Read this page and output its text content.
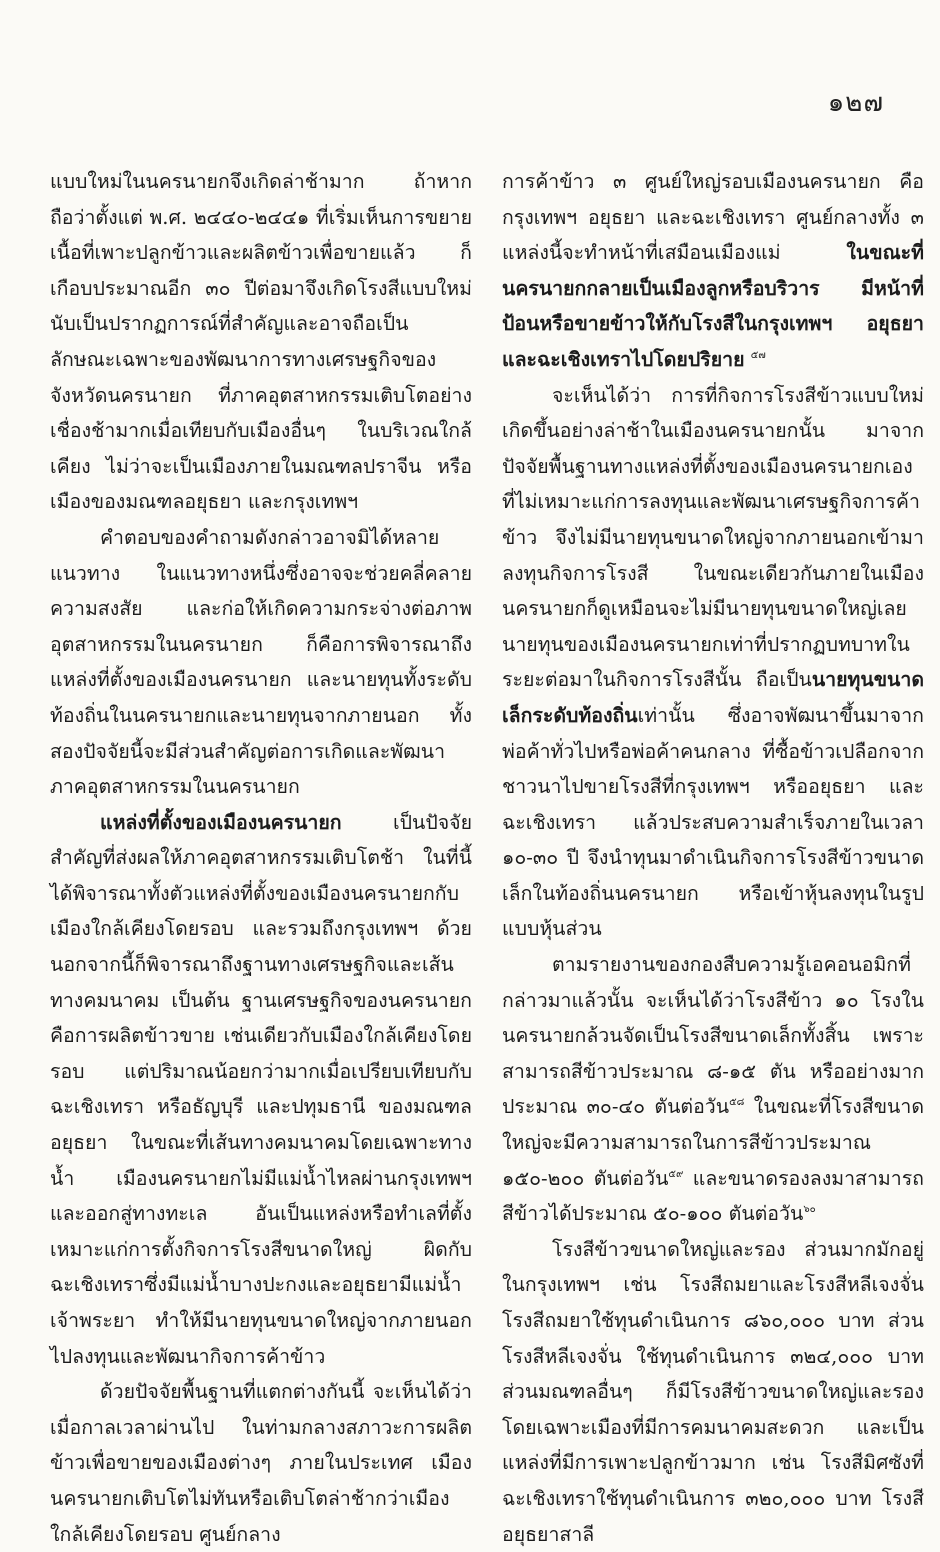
๑๒๗

แบบใหม่ในนครนายกจึงเกิดล่าช้ามาก ถ้าหากถือว่าตั้งแต่ พ.ศ. ๒๔๔๐-๒๔๔๑ ที่เริ่มเห็นการขยายเนื้อที่เพาะปลูกข้าวและผลิตข้าวเพื่อขายแล้ว ก็เกือบประมาณอีก ๓๐ ปีต่อมาจึงเกิดโรงสีแบบใหม่ นับเป็นปรากฏการณ์ที่สำคัญและอาจถือเป็นลักษณะเฉพาะของพัฒนาการทางเศรษฐกิจของจังหวัดนครนายก ที่ภาคอุตสาหกรรมเติบโตอย่างเชื่องช้ามากเมื่อเทียบกับเมืองอื่นๆ ในบริเวณใกล้เคียง ไม่ว่าจะเป็นเมืองภายในมณฑลปราจีน หรือเมืองของมณฑลอยุธยา และกรุงเทพฯ

คำตอบของคำถามดังกล่าวอาจมิได้หลายแนวทาง ในแนวทางหนึ่งซึ่งอาจจะช่วยคลี่คลายความสงสัย และก่อให้เกิดความกระจ่างต่อภาพอุตสาหกรรมในนครนายก ก็คือการพิจารณาถึงแหล่งที่ตั้งของเมืองนครนายก และนายทุนทั้งระดับท้องถิ่นในนครนายกและนายทุนจากภายนอก ทั้งสองปัจจัยนี้จะมีส่วนสำคัญต่อการเกิดและพัฒนาภาคอุตสาหกรรมในนครนายก

แหล่งที่ตั้งของเมืองนครนายก เป็นปัจจัยสำคัญที่ส่งผลให้ภาคอุตสาหกรรมเติบโตช้า ในที่นี้ได้พิจารณาทั้งตัวแหล่งที่ตั้งของเมืองนครนายกกับเมืองใกล้เคียงโดยรอบ และรวมถึงกรุงเทพฯ ด้วย นอกจากนี้ก็พิจารณาถึงฐานทางเศรษฐกิจและเส้นทางคมนาคม เป็นต้น ฐานเศรษฐกิจของนครนายก คือการผลิตข้าวขาย เช่นเดียวกับเมืองใกล้เคียงโดยรอบ แต่ปริมาณน้อยกว่ามากเมื่อเปรียบเทียบกับฉะเชิงเทรา หรือธัญบุรี และปทุมธานี ของมณฑลอยุธยา ในขณะที่เส้นทางคมนาคมโดยเฉพาะทางน้ำ เมืองนครนายกไม่มีแม่น้ำไหลผ่านกรุงเทพฯ และออกสู่ทางทะเล อันเป็นแหล่งหรือทำเลที่ตั้งเหมาะแก่การตั้งกิจการโรงสีขนาดใหญ่ ผิดกับฉะเชิงเทราซึ่งมีแม่น้ำบางปะกงและอยุธยามีแม่น้ำเจ้าพระยา ทำให้มีนายทุนขนาดใหญ่จากภายนอกไปลงทุนและพัฒนากิจการค้าข้าว

ด้วยปัจจัยพื้นฐานที่แตกต่างกันนี้ จะเห็นได้ว่าเมื่อกาลเวลาผ่านไป ในท่ามกลางสภาวะการผลิตข้าวเพื่อขายของเมืองต่างๆ ภายในประเทศ เมืองนครนายกเติบโตไม่ทันหรือเติบโตล่าช้ากว่าเมืองใกล้เคียงโดยรอบ ศูนย์กลาง

การค้าข้าว ๓ ศูนย์ใหญ่รอบเมืองนครนายก คือ กรุงเทพฯ อยุธยา และฉะเชิงเทรา ศูนย์กลางทั้ง ๓ แหล่งนี้จะทำหน้าที่เสมือนเมืองแม่ ในขณะที่นครนายกกลายเป็นเมืองลูกหรือบริวาร มีหน้าที่ป้อนหรือขายข้าวให้กับโรงสีในกรุงเทพฯ อยุธยา และฉะเชิงเทราไปโดยปริยาย $^{๕๗}$

จะเห็นได้ว่า การที่กิจการโรงสีข้าวแบบใหม่เกิดขึ้นอย่างล่าช้าในเมืองนครนายกนั้น มาจากปัจจัยพื้นฐานทางแหล่งที่ตั้งของเมืองนครนายกเอง ที่ไม่เหมาะแก่การลงทุนและพัฒนาเศรษฐกิจการค้าข้าว จึงไม่มีนายทุนขนาดใหญ่จากภายนอกเข้ามาลงทุนกิจการโรงสี ในขณะเดียวกันภายในเมืองนครนายกก็ดูเหมือนจะไม่มีนายทุนขนาดใหญ่เลย นายทุนของเมืองนครนายกเท่าที่ปรากฏบทบาทในระยะต่อมาในกิจการโรงสีนั้น ถือเป็นนายทุนขนาดเล็กระดับท้องถิ่นเท่านั้น ซึ่งอาจพัฒนาขึ้นมาจากพ่อค้าทั่วไปหรือพ่อค้าคนกลาง ที่ซื้อข้าวเปลือกจากชาวนาไปขายโรงสีที่กรุงเทพฯ หรืออยุธยา และฉะเชิงเทรา แล้วประสบความสำเร็จภายในเวลา ๑๐-๓๐ ปี จึงนำทุนมาดำเนินกิจการโรงสีข้าวขนาดเล็กในท้องถิ่นนครนายก หรือเข้าหุ้นลงทุนในรูปแบบหุ้นส่วน

ตามรายงานของกองสืบความรู้เอคอนอมิกที่กล่าวมาแล้วนั้น จะเห็นได้ว่าโรงสีข้าว ๑๐ โรงในนครนายกล้วนจัดเป็นโรงสีขนาดเล็กทั้งสิ้น เพราะสามารถสีข้าวประมาณ ๘-๑๕ ตัน หรืออย่างมากประมาณ ๓๐-๔๐ ตันต่อวัน$^{๕๘}$ ในขณะที่โรงสีขนาดใหญ่จะมีความสามารถในการสีข้าวประมาณ ๑๕๐-๒๐๐ ตันต่อวัน$^{๕๙}$ และขนาดรองลงมาสามารถสีข้าวได้ประมาณ ๕๐-๑๐๐ ตันต่อวัน$^{๖๐}$

โรงสีข้าวขนาดใหญ่และรอง ส่วนมากมักอยู่ในกรุงเทพฯ เช่น โรงสีถมยาและโรงสีหลีเจงจั่น โรงสีถมยาใช้ทุนดำเนินการ ๘๖๐,๐๐๐ บาท ส่วนโรงสีหลีเจงจั่น ใช้ทุนดำเนินการ ๓๒๔,๐๐๐ บาท ส่วนมณฑลอื่นๆ ก็มีโรงสีข้าวขนาดใหญ่และรอง โดยเฉพาะเมืองที่มีการคมนาคมสะดวก และเป็นแหล่งที่มีการเพาะปลูกข้าวมาก เช่น โรงสีมิศซังที่ฉะเชิงเทราใช้ทุนดำเนินการ ๓๒๐,๐๐๐ บาท โรงสีอยุธยาสาลี
